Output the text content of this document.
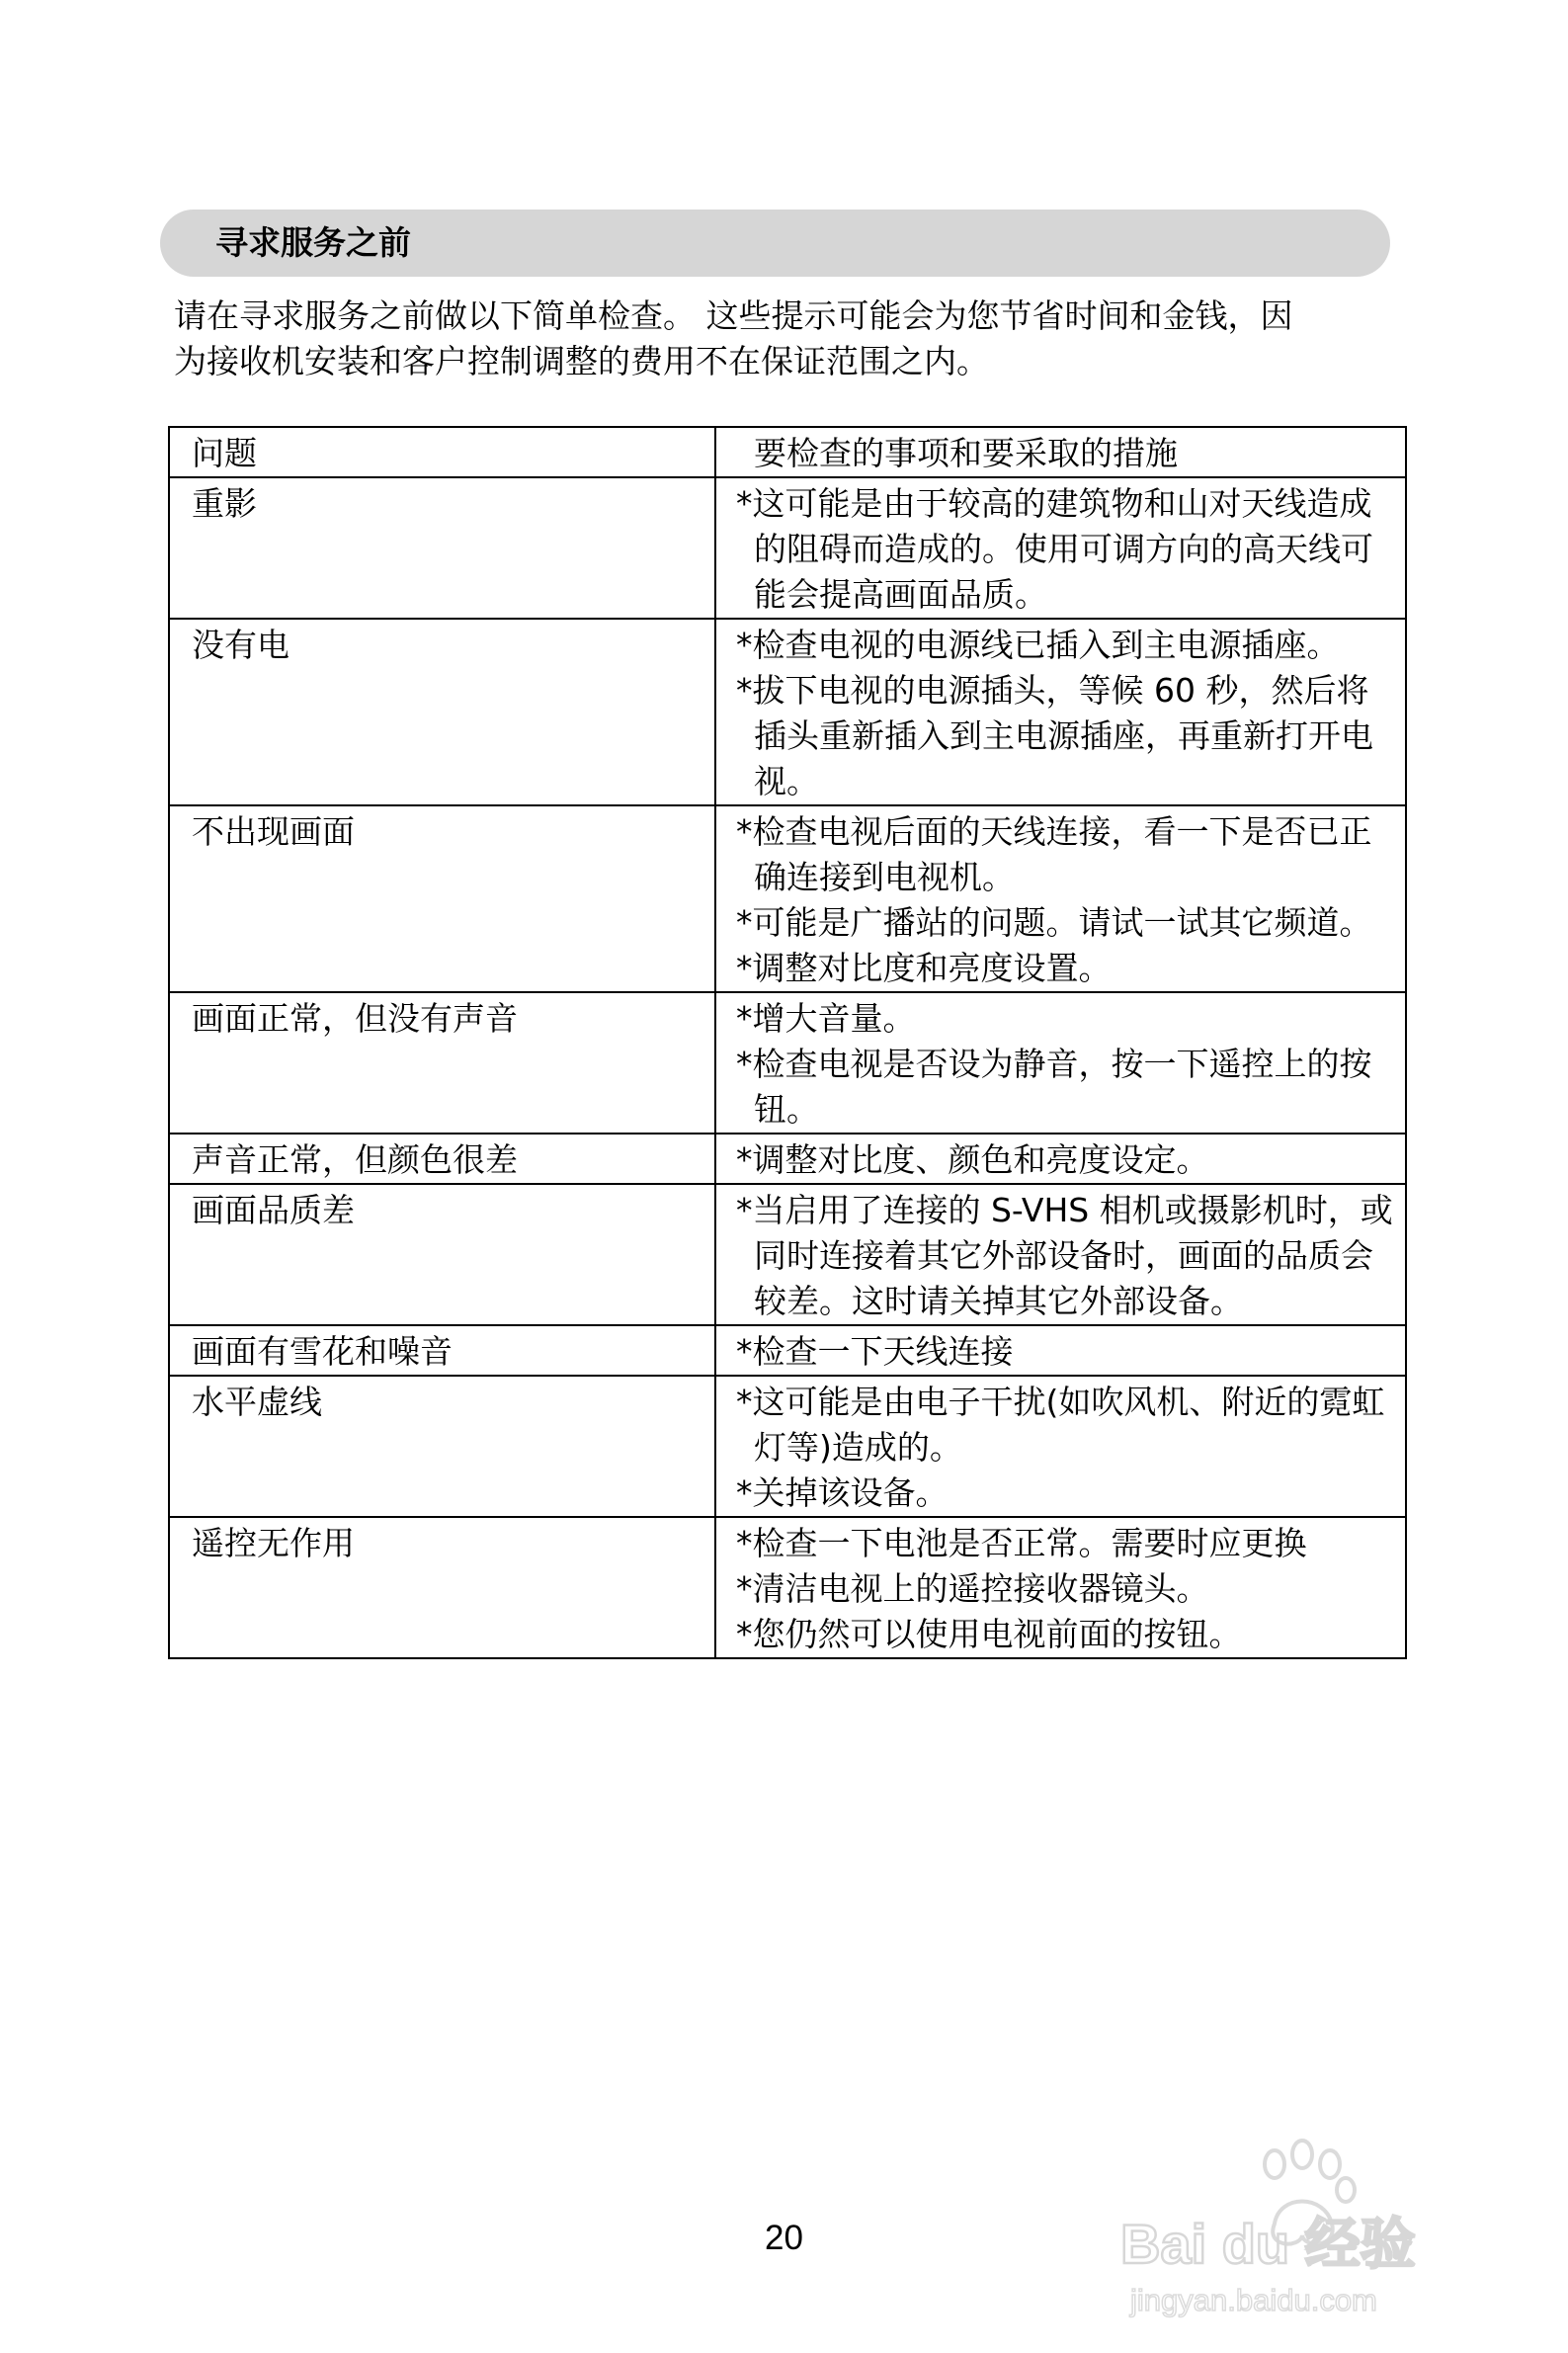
寻求服务之前

请在寻求服务之前做以下简单检查。 这些提示可能会为您节省时间和金钱，因

为接收机安装和客户控制调整的费用不在保证范围之内。

问题	要检查的事项和要采取的措施

重影	*这可能是由于较高的建筑物和山对天线造成的阻碍而造成的。使用可调方向的高天线可能会提高画面品质。

没有电	*检查电视的电源线已插入到主电源插座。
*拔下电视的电源插头，等候 60 秒，然后将插头重新插入到主电源插座，再重新打开电视。

不出现画面	*检查电视后面的天线连接，看一下是否已正确连接到电视机。
*可能是广播站的问题。请试一试其它频道。
*调整对比度和亮度设置。

画面正常，但没有声音	*增大音量。
*检查电视是否设为静音，按一下遥控上的按钮。

声音正常，但颜色很差	*调整对比度、颜色和亮度设定。

画面品质差	*当启用了连接的 S-VHS 相机或摄影机时，或同时连接着其它外部设备时，画面的品质会较差。这时请关掉其它外部设备。

画面有雪花和噪音	*检查一下天线连接

水平虚线	*这可能是由电子干扰(如吹风机、附近的霓虹灯等)造成的。
*关掉该设备。

遥控无作用	*检查一下电池是否正常。需要时应更换
*清洁电视上的遥控接收器镜头。
*您仍然可以使用电视前面的按钮。
20	Bai du 经验
jingyan.baidu.com
